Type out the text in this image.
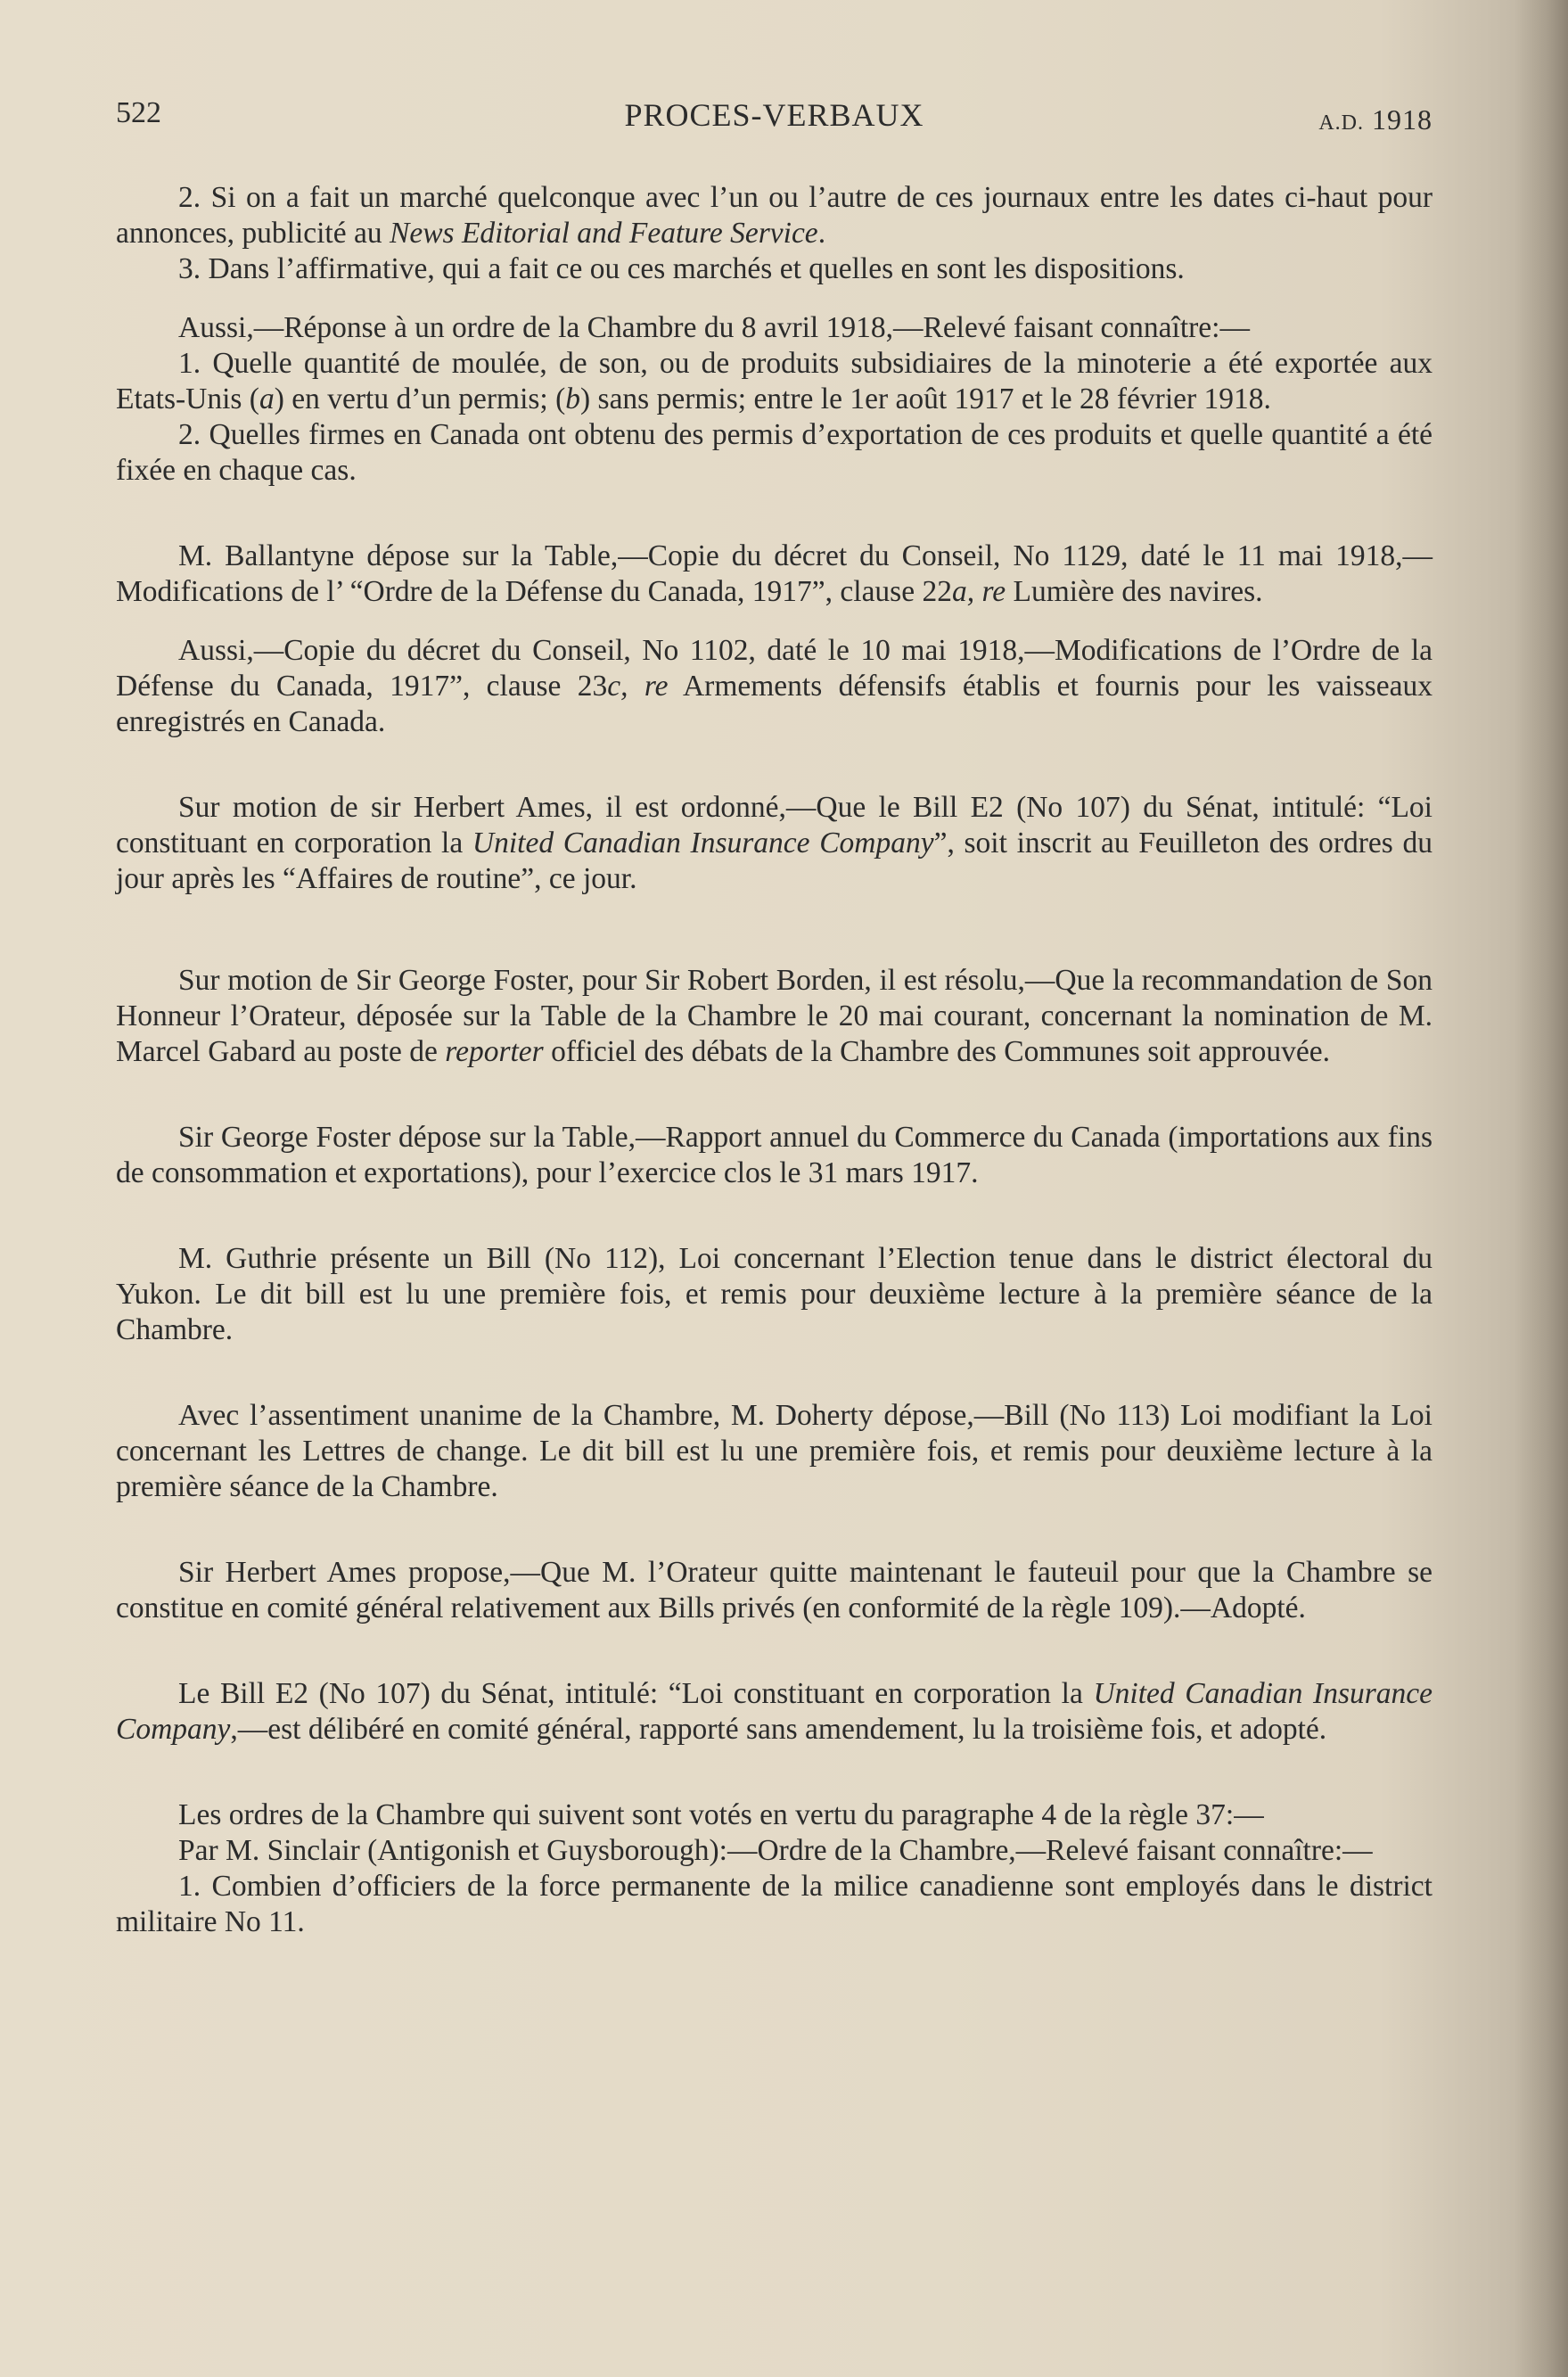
522	PROCES-VERBAUX	A.D. 1918

2. Si on a fait un marché quelconque avec l’un ou l’autre de ces journaux entre les dates ci-haut pour annonces, publicité au News Editorial and Feature Service.

3. Dans l’affirmative, qui a fait ce ou ces marchés et quelles en sont les dispositions.

Aussi,—Réponse à un ordre de la Chambre du 8 avril 1918,—Relevé faisant connaître:—

1. Quelle quantité de moulée, de son, ou de produits subsidiaires de la minoterie a été exportée aux Etats-Unis (a) en vertu d’un permis; (b) sans permis; entre le 1er août 1917 et le 28 février 1918.

2. Quelles firmes en Canada ont obtenu des permis d’exportation de ces produits et quelle quantité a été fixée en chaque cas.

M. Ballantyne dépose sur la Table,—Copie du décret du Conseil, No 1129, daté le 11 mai 1918,—Modifications de l’ “Ordre de la Défense du Canada, 1917”, clause 22a, re Lumière des navires.

Aussi,—Copie du décret du Conseil, No 1102, daté le 10 mai 1918,—Modifications de l’Ordre de la Défense du Canada, 1917”, clause 23c, re Armements défensifs établis et fournis pour les vaisseaux enregistrés en Canada.

Sur motion de sir Herbert Ames, il est ordonné,—Que le Bill E2 (No 107) du Sénat, intitulé: “Loi constituant en corporation la United Canadian Insurance Company”, soit inscrit au Feuilleton des ordres du jour après les “Affaires de routine”, ce jour.

Sur motion de Sir George Foster, pour Sir Robert Borden, il est résolu,—Que la recommandation de Son Honneur l’Orateur, déposée sur la Table de la Chambre le 20 mai courant, concernant la nomination de M. Marcel Gabard au poste de reporter officiel des débats de la Chambre des Communes soit approuvée.

Sir George Foster dépose sur la Table,—Rapport annuel du Commerce du Canada (importations aux fins de consommation et exportations), pour l’exercice clos le 31 mars 1917.

M. Guthrie présente un Bill (No 112), Loi concernant l’Election tenue dans le district électoral du Yukon. Le dit bill est lu une première fois, et remis pour deuxième lecture à la première séance de la Chambre.

Avec l’assentiment unanime de la Chambre, M. Doherty dépose,—Bill (No 113) Loi modifiant la Loi concernant les Lettres de change. Le dit bill est lu une première fois, et remis pour deuxième lecture à la première séance de la Chambre.

Sir Herbert Ames propose,—Que M. l’Orateur quitte maintenant le fauteuil pour que la Chambre se constitue en comité général relativement aux Bills privés (en conformité de la règle 109).—Adopté.

Le Bill E2 (No 107) du Sénat, intitulé: “Loi constituant en corporation la United Canadian Insurance Company,—est délibéré en comité général, rapporté sans amendement, lu la troisième fois, et adopté.

Les ordres de la Chambre qui suivent sont votés en vertu du paragraphe 4 de la règle 37:—

Par M. Sinclair (Antigonish et Guysborough):—Ordre de la Chambre,—Relevé faisant connaître:—

1. Combien d’officiers de la force permanente de la milice canadienne sont employés dans le district militaire No 11.
